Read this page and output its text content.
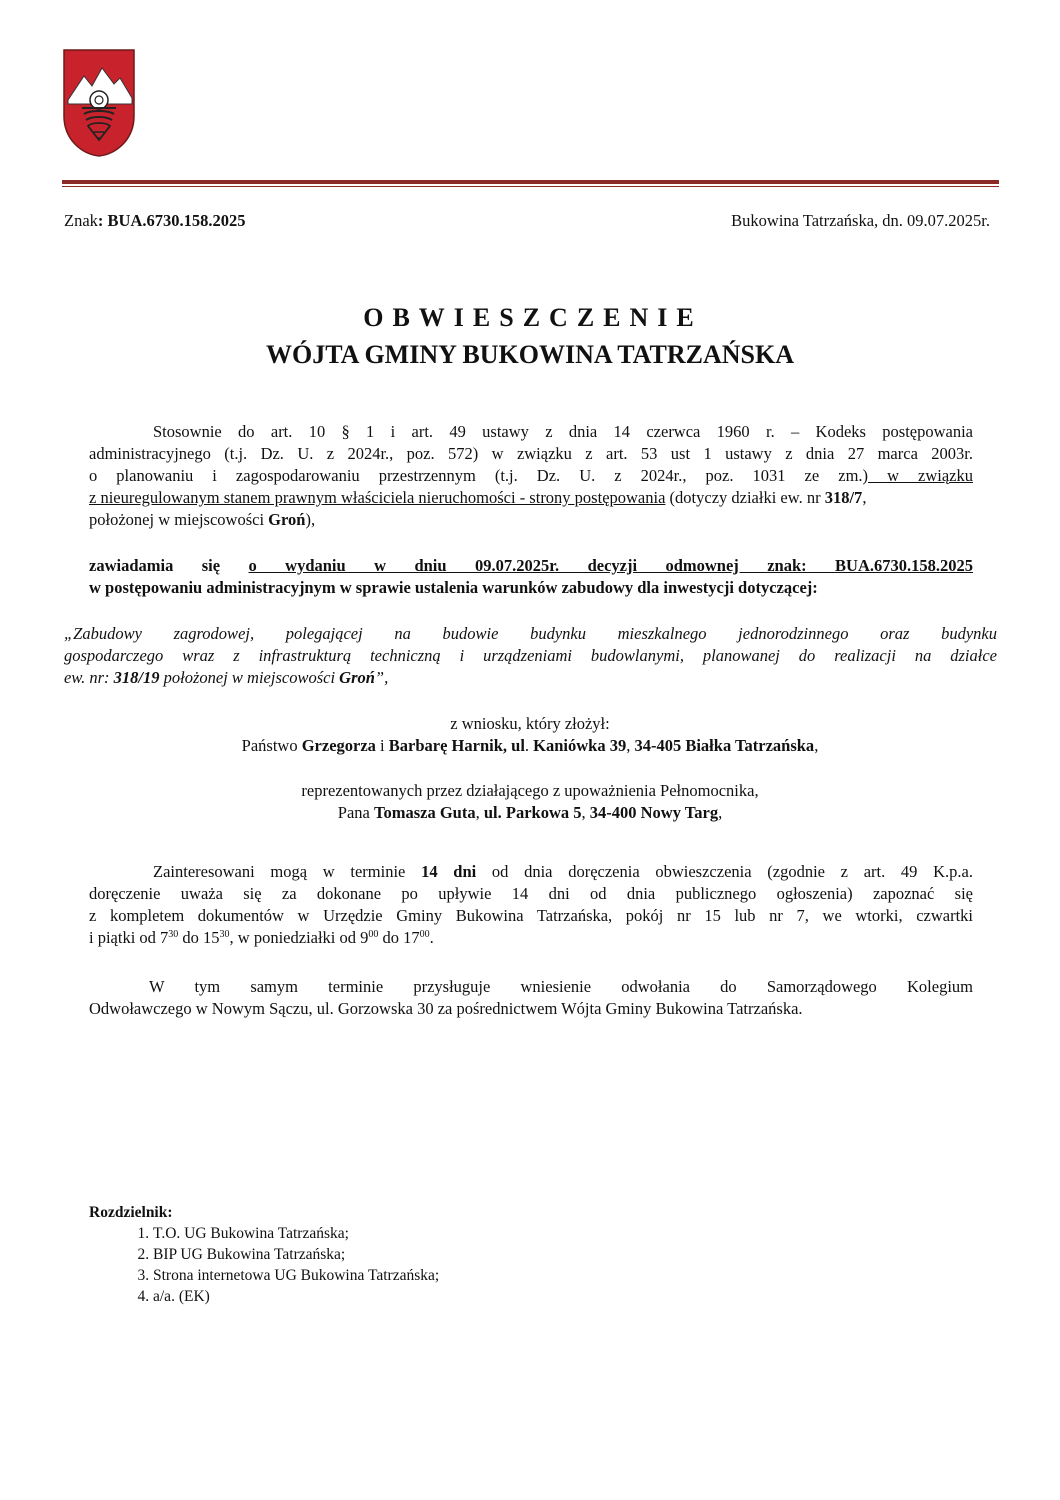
Znak: BUA.6730.158.2025	Bukowina Tatrzańska, dn. 09.07.2025r.
OBWIESZCZENIE
WÓJTA GMINY BUKOWINA TATRZAŃSKA
Stosownie do art. 10 § 1 i art. 49 ustawy z dnia 14 czerwca 1960 r. – Kodeks postępowania
administracyjnego (t.j. Dz. U. z 2024r., poz. 572) w związku z art. 53 ust 1 ustawy z dnia 27 marca 2003r.
o planowaniu i zagospodarowaniu przestrzennym (t.j. Dz. U. z 2024r., poz. 1031 ze zm.) w związku
z nieuregulowanym stanem prawnym właściciela nieruchomości - strony postępowania (dotyczy działki ew. nr 318/7,
położonej w miejscowości Groń),
zawiadamia się o wydaniu w dniu 09.07.2025r. decyzji odmownej znak: BUA.6730.158.2025
w postępowaniu administracyjnym w sprawie ustalenia warunków zabudowy dla inwestycji dotyczącej:
„Zabudowy zagrodowej, polegającej na budowie budynku mieszkalnego jednorodzinnego oraz budynku
gospodarczego wraz z infrastrukturą techniczną i urządzeniami budowlanymi, planowanej do realizacji na działce
ew. nr: 318/19 położonej w miejscowości Groń”,
z wniosku, który złożył:
Państwo Grzegorza i Barbarę Harnik, ul. Kaniówka 39, 34-405 Białka Tatrzańska,
reprezentowanych przez działającego z upoważnienia Pełnomocnika,
Pana Tomasza Guta, ul. Parkowa 5, 34-400 Nowy Targ,
Zainteresowani mogą w terminie 14 dni od dnia doręczenia obwieszczenia (zgodnie z art. 49 K.p.a.
doręczenie uważa się za dokonane po upływie 14 dni od dnia publicznego ogłoszenia) zapoznać się
z kompletem dokumentów w Urzędzie Gminy Bukowina Tatrzańska, pokój nr 15 lub nr 7, we wtorki, czwartki
i piątki od $7^{30}$ do $15^{30}$, w poniedziałki od $9^{00}$ do $17^{00}$.
W tym samym terminie przysługuje wniesienie odwołania do Samorządowego Kolegium
Odwoławczego w Nowym Sączu, ul. Gorzowska 30 za pośrednictwem Wójta Gminy Bukowina Tatrzańska.
Rozdzielnik:
1. T.O. UG Bukowina Tatrzańska;
2. BIP UG Bukowina Tatrzańska;
3. Strona internetowa UG Bukowina Tatrzańska;
4. a/a. (EK)
